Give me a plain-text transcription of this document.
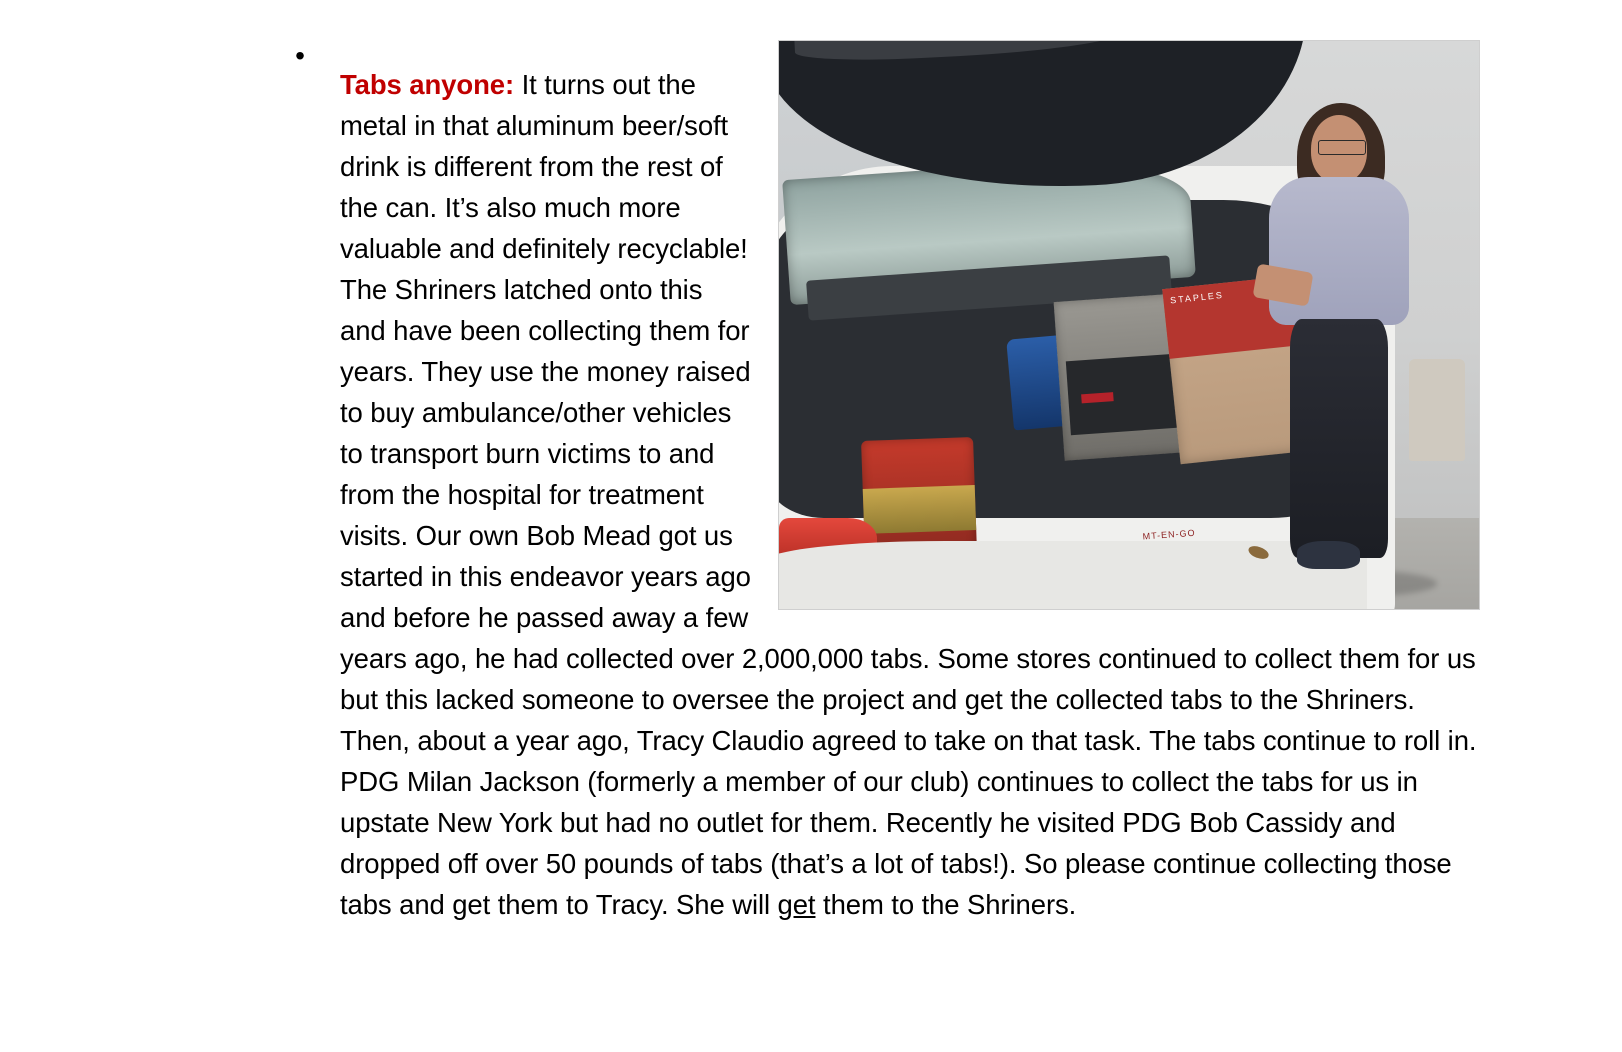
•
STAPLES
MT-EN-GO

Tabs anyone: It turns out the metal in that aluminum beer/soft drink is different from the rest of the can. It’s also much more valuable and definitely recyclable! The Shriners latched onto this and have been collecting them for years. They use the money raised to buy ambulance/other vehicles to transport burn victims to and from the hospital for treatment visits. Our own Bob Mead got us started in this endeavor years ago and before he passed away a few years ago, he had collected over 2,000,000 tabs. Some stores continued to collect them for us but this lacked someone to oversee the project and get the collected tabs to the Shriners. Then, about a year ago, Tracy Claudio agreed to take on that task. The tabs continue to roll in. PDG Milan Jackson (formerly a member of our club) continues to collect the tabs for us in upstate New York but had no outlet for them. Recently he visited PDG Bob Cassidy and dropped off over 50 pounds of tabs (that’s a lot of tabs!). So please continue collecting those tabs and get them to Tracy. She will get them to the Shriners.
